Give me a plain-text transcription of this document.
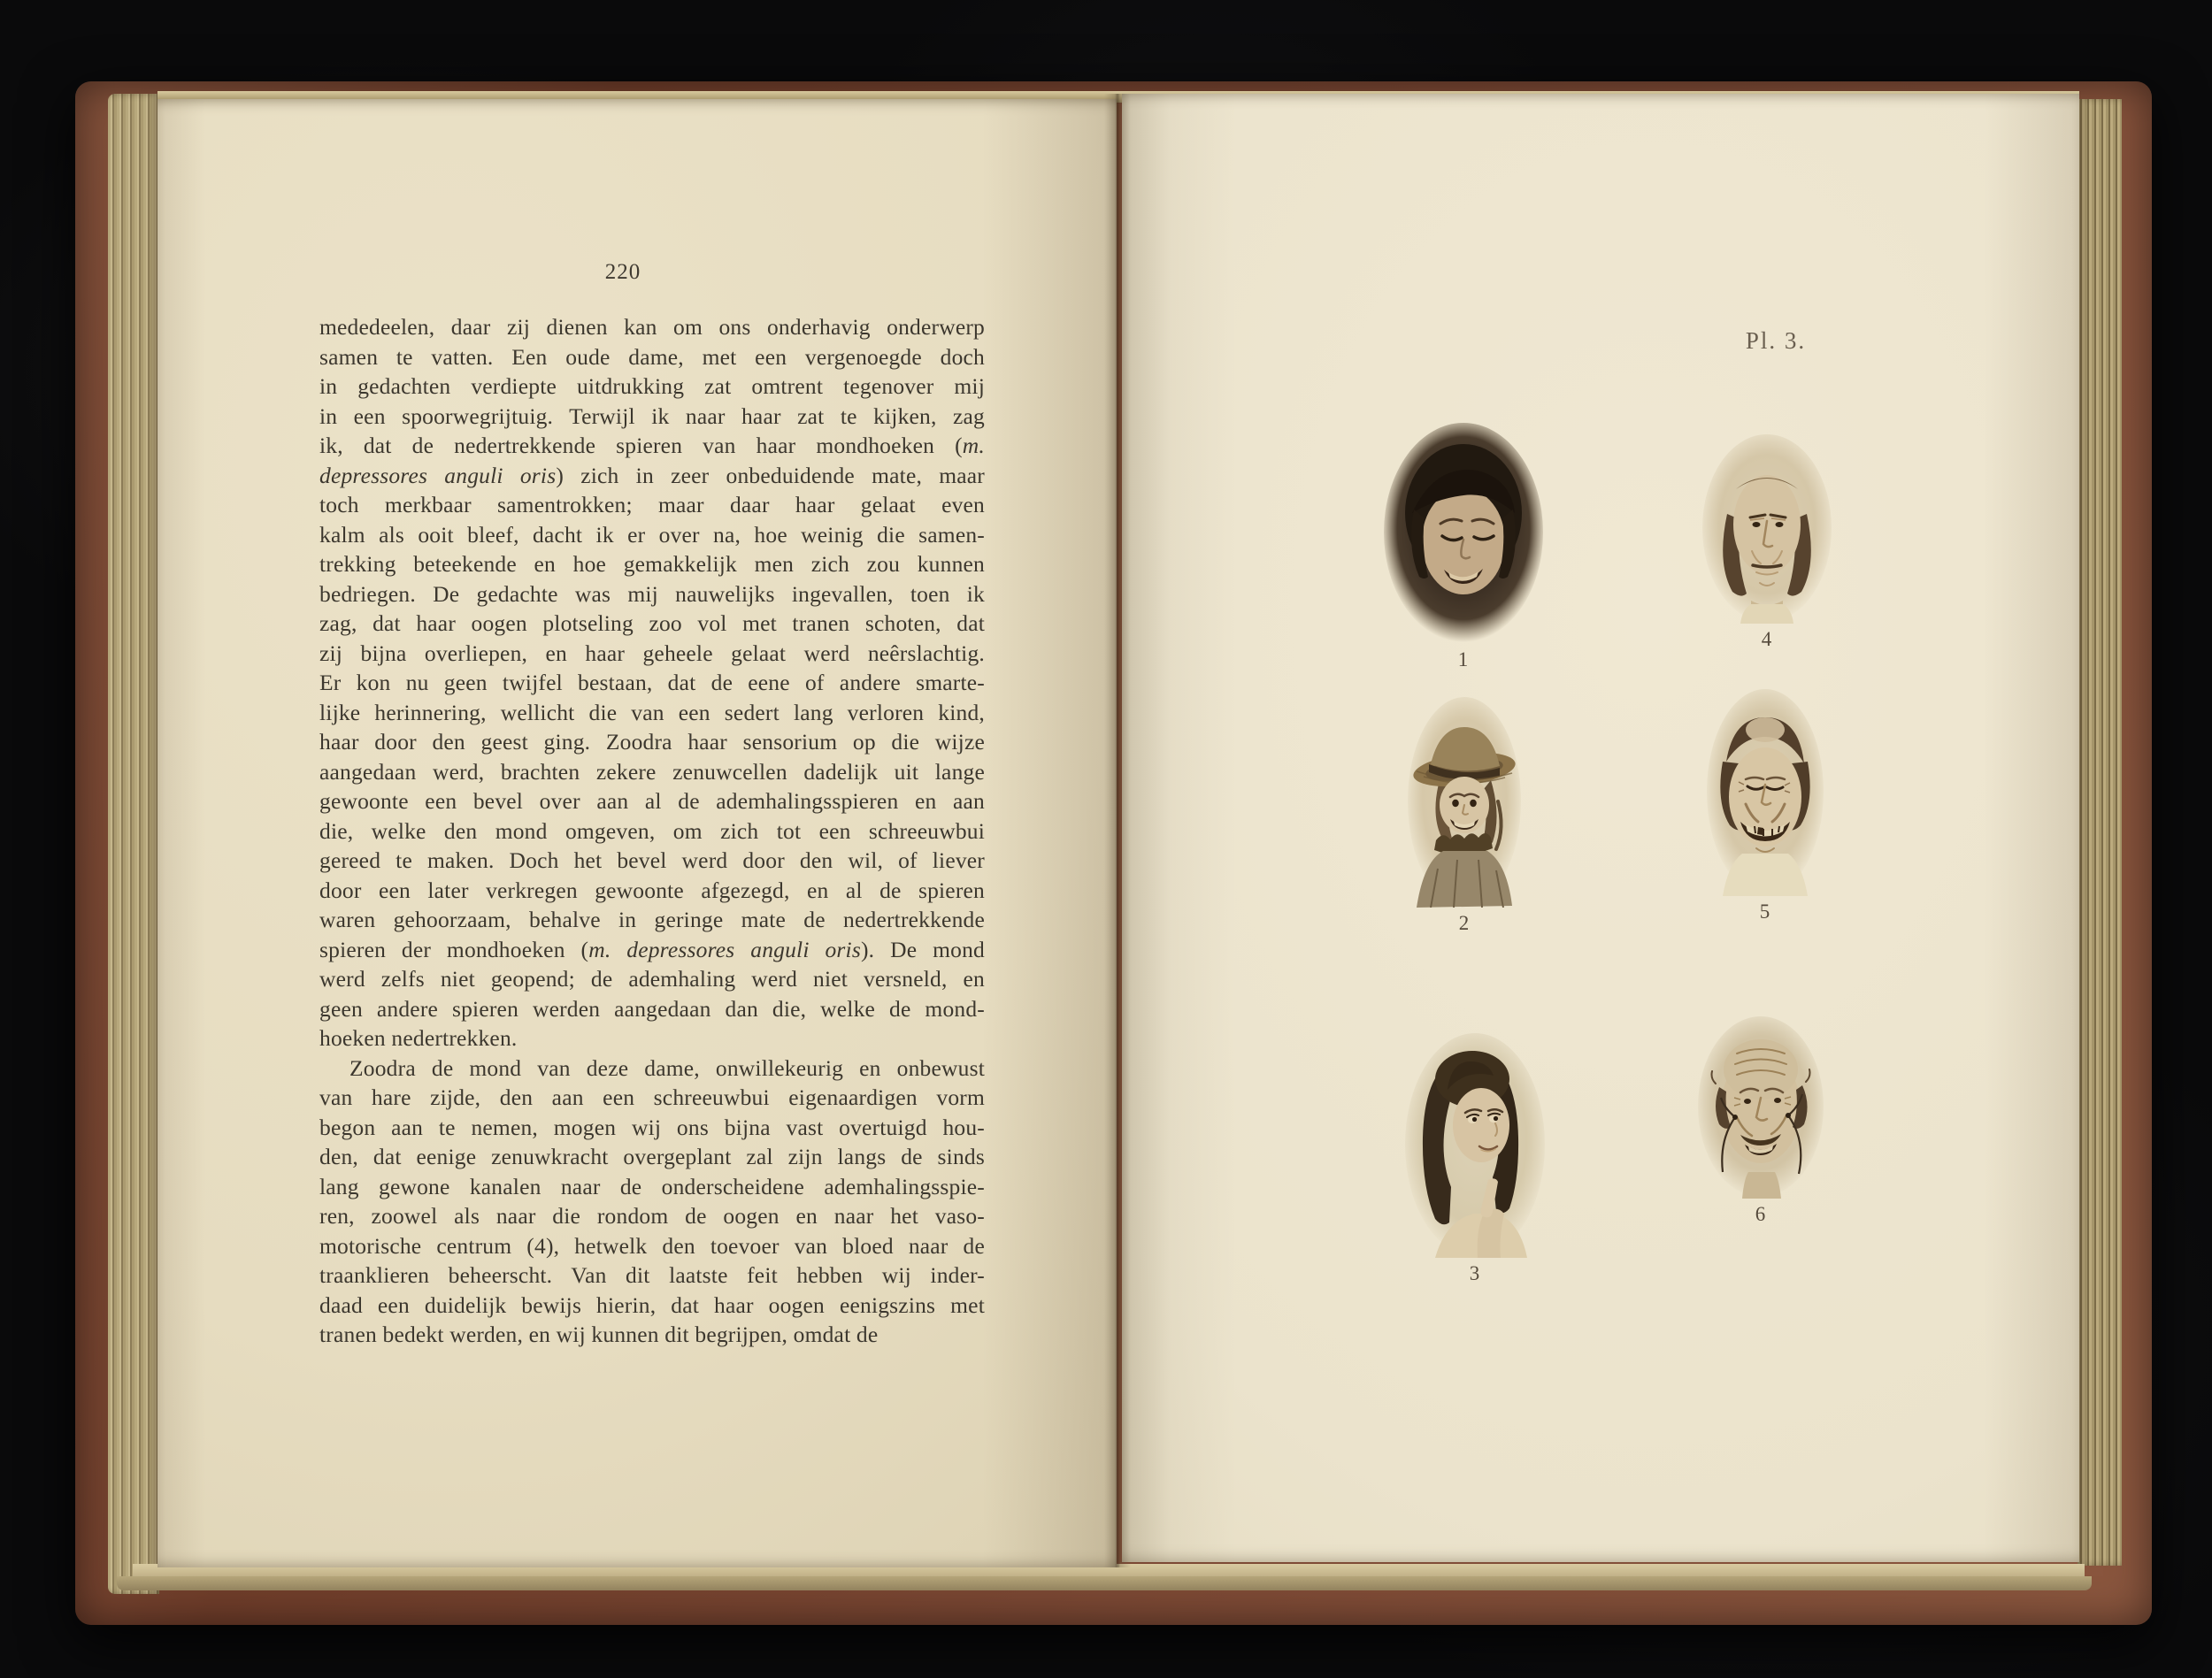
220
mededeelen, daar zij dienen kan om ons onderhavig onderwerp
samen te vatten. Een oude dame, met een vergenoegde doch
in gedachten verdiepte uitdrukking zat omtrent tegenover mij
in een spoorwegrijtuig. Terwijl ik naar haar zat te kijken, zag
ik, dat de nedertrekkende spieren van haar mondhoeken (m.
depressores anguli oris) zich in zeer onbeduidende mate, maar
toch merkbaar samentrokken; maar daar haar gelaat even
kalm als ooit bleef, dacht ik er over na, hoe weinig die samen-
trekking beteekende en hoe gemakkelijk men zich zou kunnen
bedriegen. De gedachte was mij nauwelijks ingevallen, toen ik
zag, dat haar oogen plotseling zoo vol met tranen schoten, dat
zij bijna overliepen, en haar geheele gelaat werd neêrslachtig.
Er kon nu geen twijfel bestaan, dat de eene of andere smarte-
lijke herinnering, wellicht die van een sedert lang verloren kind,
haar door den geest ging. Zoodra haar sensorium op die wijze
aangedaan werd, brachten zekere zenuwcellen dadelijk uit lange
gewoonte een bevel over aan al de ademhalingsspieren en aan
die, welke den mond omgeven, om zich tot een schreeuwbui
gereed te maken. Doch het bevel werd door den wil, of liever
door een later verkregen gewoonte afgezegd, en al de spieren
waren gehoorzaam, behalve in geringe mate de nedertrekkende
spieren der mondhoeken (m. depressores anguli oris). De mond
werd zelfs niet geopend; de ademhaling werd niet versneld, en
geen andere spieren werden aangedaan dan die, welke de mond-
hoeken nedertrekken.
Zoodra de mond van deze dame, onwillekeurig en onbewust
van hare zijde, den aan een schreeuwbui eigenaardigen vorm
begon aan te nemen, mogen wij ons bijna vast overtuigd hou-
den, dat eenige zenuwkracht overgeplant zal zijn langs de sinds
lang gewone kanalen naar de onderscheidene ademhalingsspie-
ren, zoowel als naar die rondom de oogen en naar het vaso-
motorische centrum (4), hetwelk den toevoer van bloed naar de
traanklieren beheerscht. Van dit laatste feit hebben wij inder-
daad een duidelijk bewijs hierin, dat haar oogen eenigszins met
tranen bedekt werden, en wij kunnen dit begrijpen, omdat de
Pl. 3.
1
4
2
5
3
6
